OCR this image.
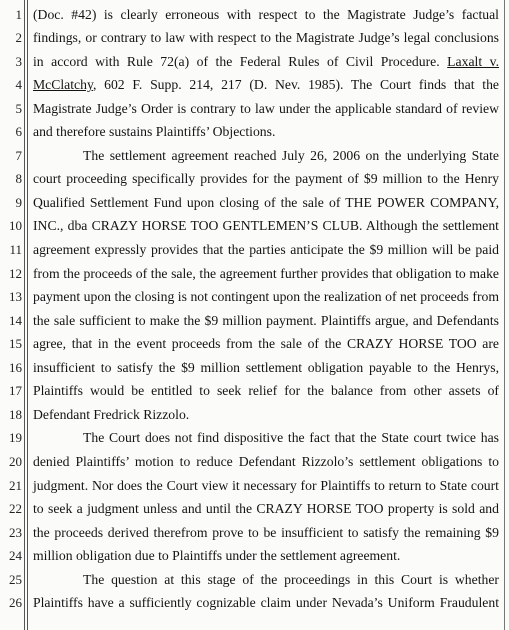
1
2
3
4
5
6
7
8
9
10
11
12
13
14
15
16
17
18
19
20
21
22
23
24
25
26
(Doc. #42) is clearly erroneous with respect to the Magistrate Judge’s factual
findings, or contrary to law with respect to the Magistrate Judge’s legal conclusions
in accord with Rule 72(a) of the Federal Rules of Civil Procedure. Laxalt v.
McClatchy, 602 F. Supp. 214, 217 (D. Nev. 1985). The Court finds that the
Magistrate Judge’s Order is contrary to law under the applicable standard of review
and therefore sustains Plaintiffs’ Objections.
The settlement agreement reached July 26, 2006 on the underlying State
court proceeding specifically provides for the payment of $9 million to the Henry
Qualified Settlement Fund upon closing of the sale of THE POWER COMPANY,
INC., dba CRAZY HORSE TOO GENTLEMEN’S CLUB. Although the settlement
agreement expressly provides that the parties anticipate the $9 million will be paid
from the proceeds of the sale, the agreement further provides that obligation to make
payment upon the closing is not contingent upon the realization of net proceeds from
the sale sufficient to make the $9 million payment. Plaintiffs argue, and Defendants
agree, that in the event proceeds from the sale of the CRAZY HORSE TOO are
insufficient to satisfy the $9 million settlement obligation payable to the Henrys,
Plaintiffs would be entitled to seek relief for the balance from other assets of
Defendant Fredrick Rizzolo.
The Court does not find dispositive the fact that the State court twice has
denied Plaintiffs’ motion to reduce Defendant Rizzolo’s settlement obligations to
judgment. Nor does the Court view it necessary for Plaintiffs to return to State court
to seek a judgment unless and until the CRAZY HORSE TOO property is sold and
the proceeds derived therefrom prove to be insufficient to satisfy the remaining $9
million obligation due to Plaintiffs under the settlement agreement.
The question at this stage of the proceedings in this Court is whether
Plaintiffs have a sufficiently cognizable claim under Nevada’s Uniform Fraudulent
